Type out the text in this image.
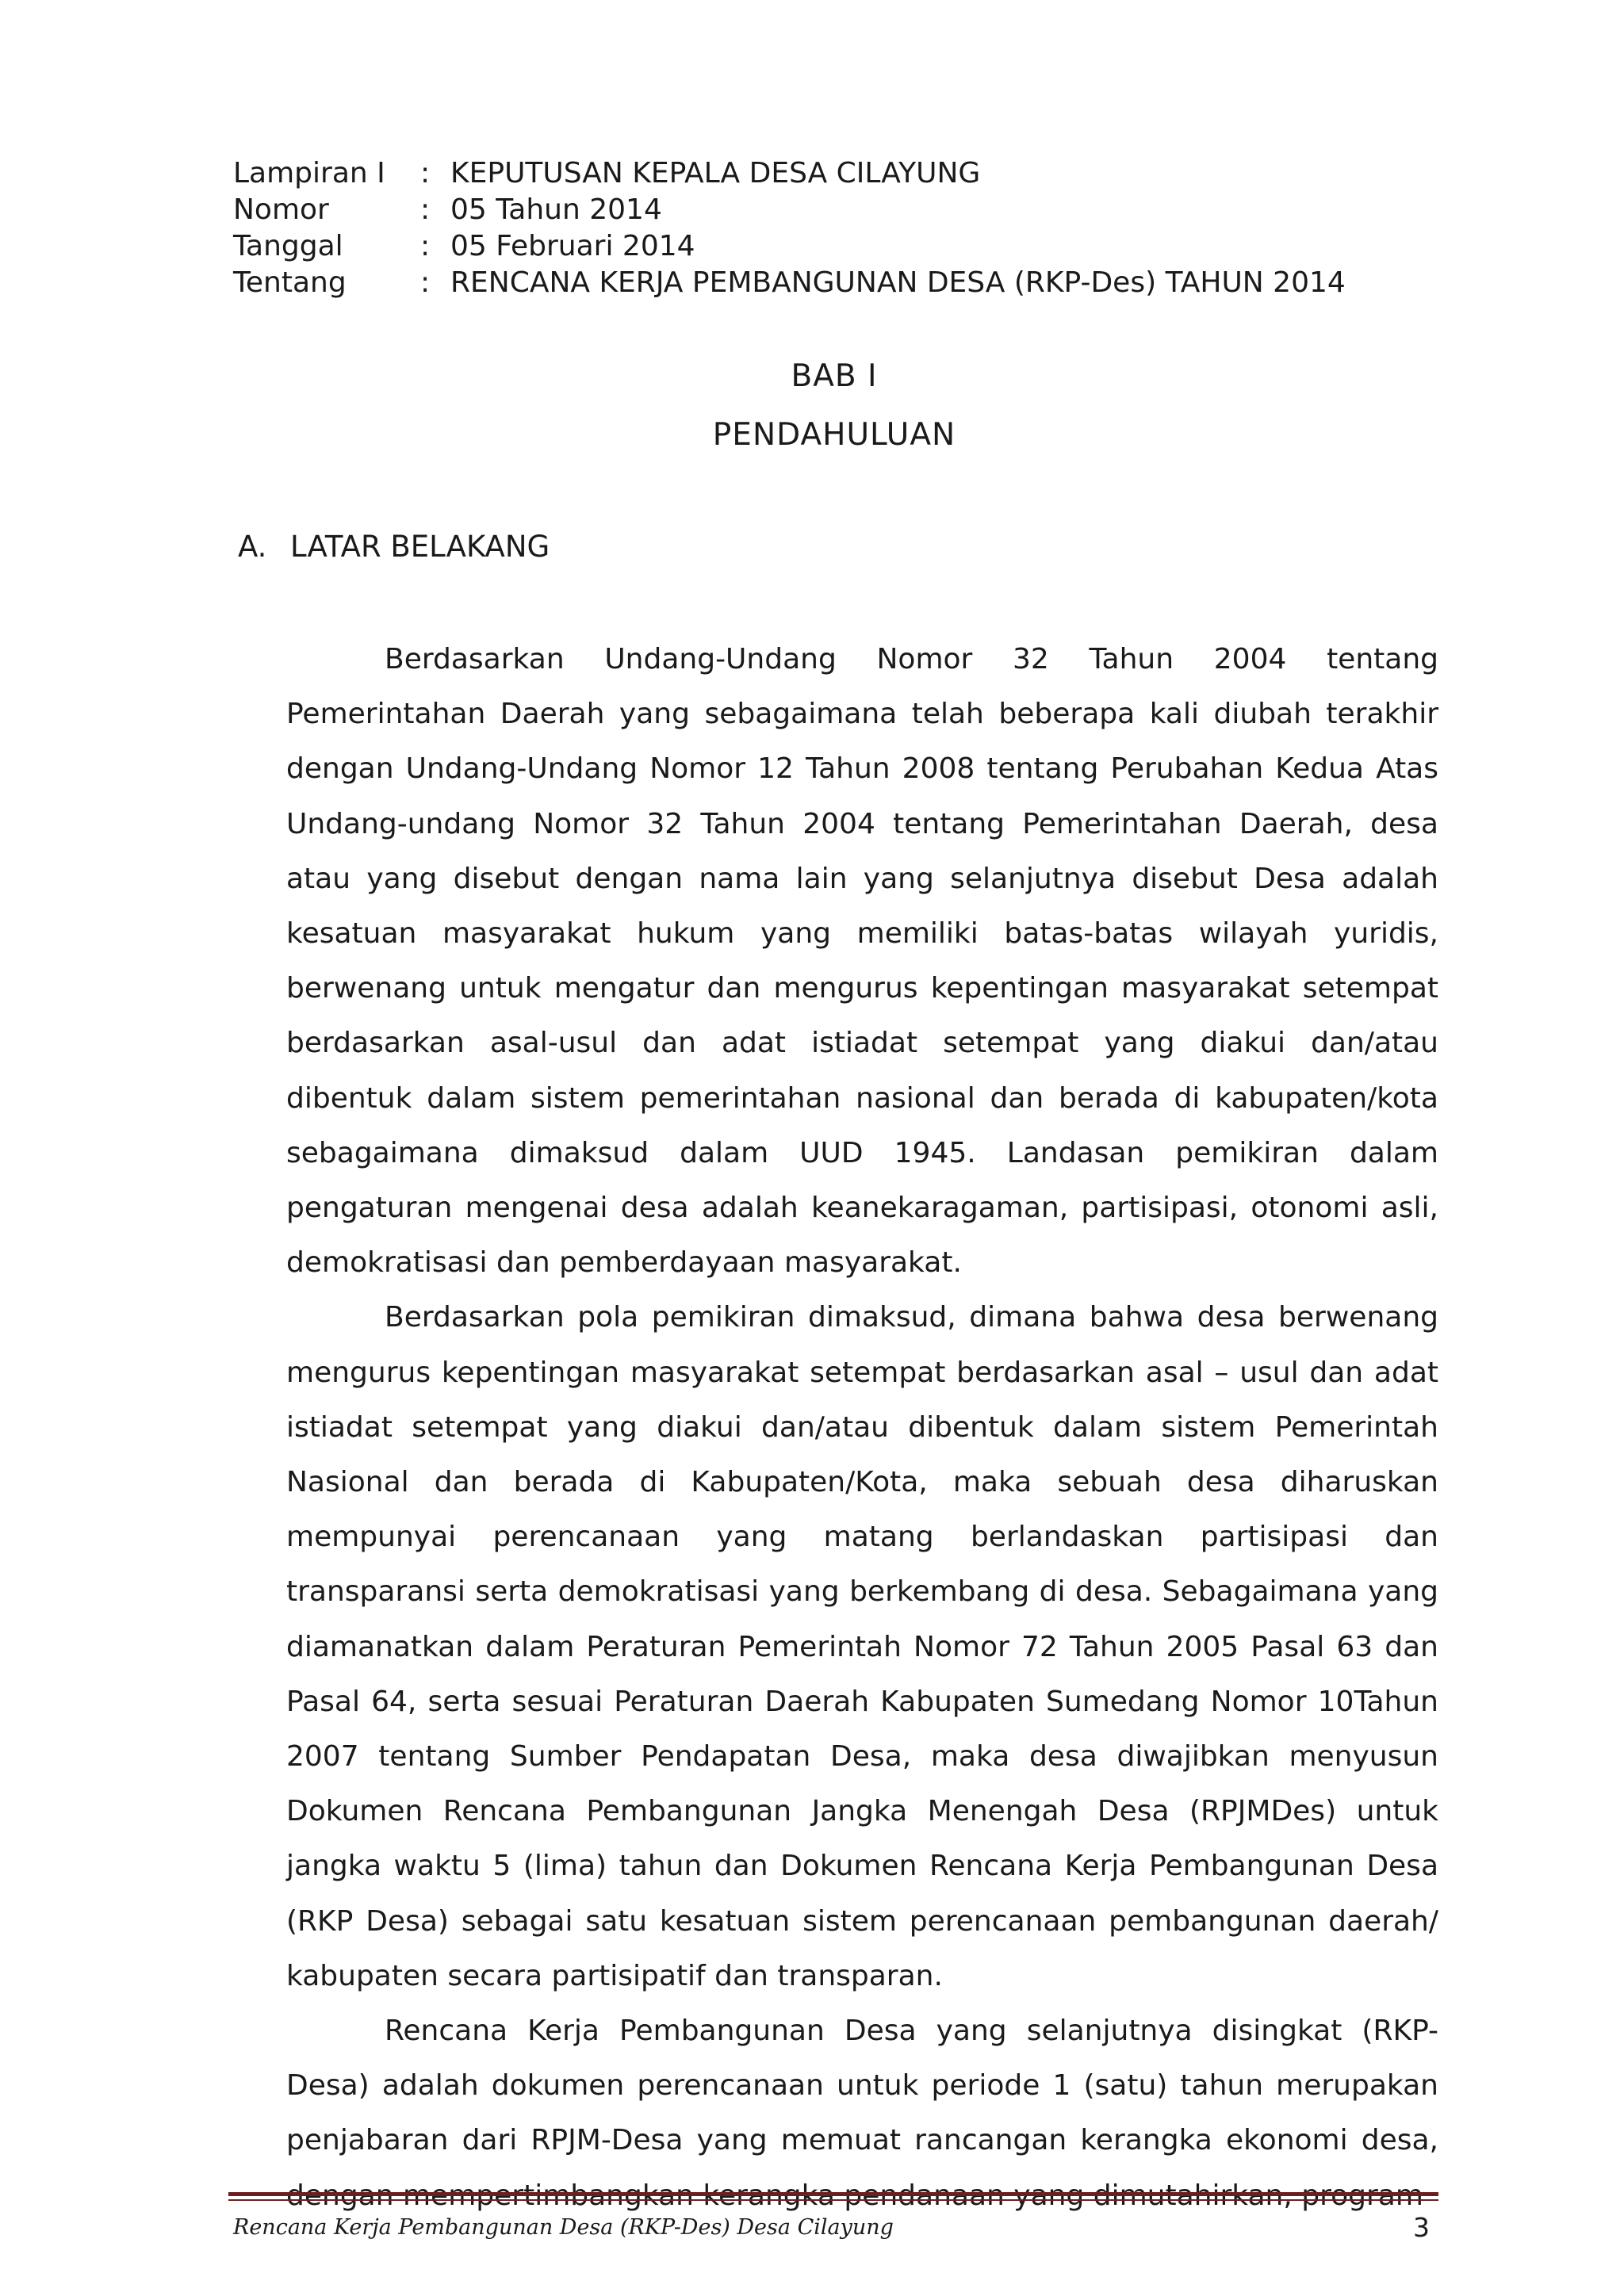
Lampiran I	: KEPUTUSAN KEPALA DESA CILAYUNG
Nomor	: 05 Tahun 2014
Tanggal	: 05 Februari 2014
Tentang	: RENCANA KERJA PEMBANGUNAN DESA (RKP-Des) TAHUN 2014
BAB I
PENDAHULUAN
A. LATAR BELAKANG

Berdasarkan Undang-Undang Nomor 32 Tahun 2004 tentang Pemerintahan Daerah yang sebagaimana telah beberapa kali diubah terakhir dengan Undang-Undang Nomor 12 Tahun 2008 tentang Perubahan Kedua Atas Undang-undang Nomor 32 Tahun 2004 tentang Pemerintahan Daerah, desa atau yang disebut dengan nama lain yang selanjutnya disebut Desa adalah kesatuan masyarakat hukum yang memiliki batas-batas wilayah yuridis, berwenang untuk mengatur dan mengurus kepentingan masyarakat setempat berdasarkan asal-usul dan adat istiadat setempat yang diakui dan/atau dibentuk dalam sistem pemerintahan nasional dan berada di kabupaten/kota sebagaimana dimaksud dalam UUD 1945. Landasan pemikiran dalam pengaturan mengenai desa adalah keanekaragaman, partisipasi, otonomi asli, demokratisasi dan pemberdayaan masyarakat.

Berdasarkan pola pemikiran dimaksud, dimana bahwa desa berwenang mengurus kepentingan masyarakat setempat berdasarkan asal – usul dan adat istiadat setempat yang diakui dan/atau dibentuk dalam sistem Pemerintah Nasional dan berada di Kabupaten/Kota, maka sebuah desa diharuskan mempunyai perencanaan yang matang berlandaskan partisipasi dan transparansi serta demokratisasi yang berkembang di desa. Sebagaimana yang diamanatkan dalam Peraturan Pemerintah Nomor 72 Tahun 2005 Pasal 63 dan Pasal 64, serta sesuai Peraturan Daerah Kabupaten Sumedang Nomor 10Tahun 2007 tentang Sumber Pendapatan Desa, maka desa diwajibkan menyusun Dokumen Rencana Pembangunan Jangka Menengah Desa (RPJMDes) untuk jangka waktu 5 (lima) tahun dan Dokumen Rencana Kerja Pembangunan Desa (RKP Desa) sebagai satu kesatuan sistem perencanaan pembangunan daerah/ kabupaten secara partisipatif dan transparan.

Rencana Kerja Pembangunan Desa yang selanjutnya disingkat (RKP-Desa) adalah dokumen perencanaan untuk periode 1 (satu) tahun merupakan penjabaran dari RPJM-Desa yang memuat rancangan kerangka ekonomi desa,

Rencana Kerja Pembangunan Desa (RKP-Des) Desa Cilayung	3
